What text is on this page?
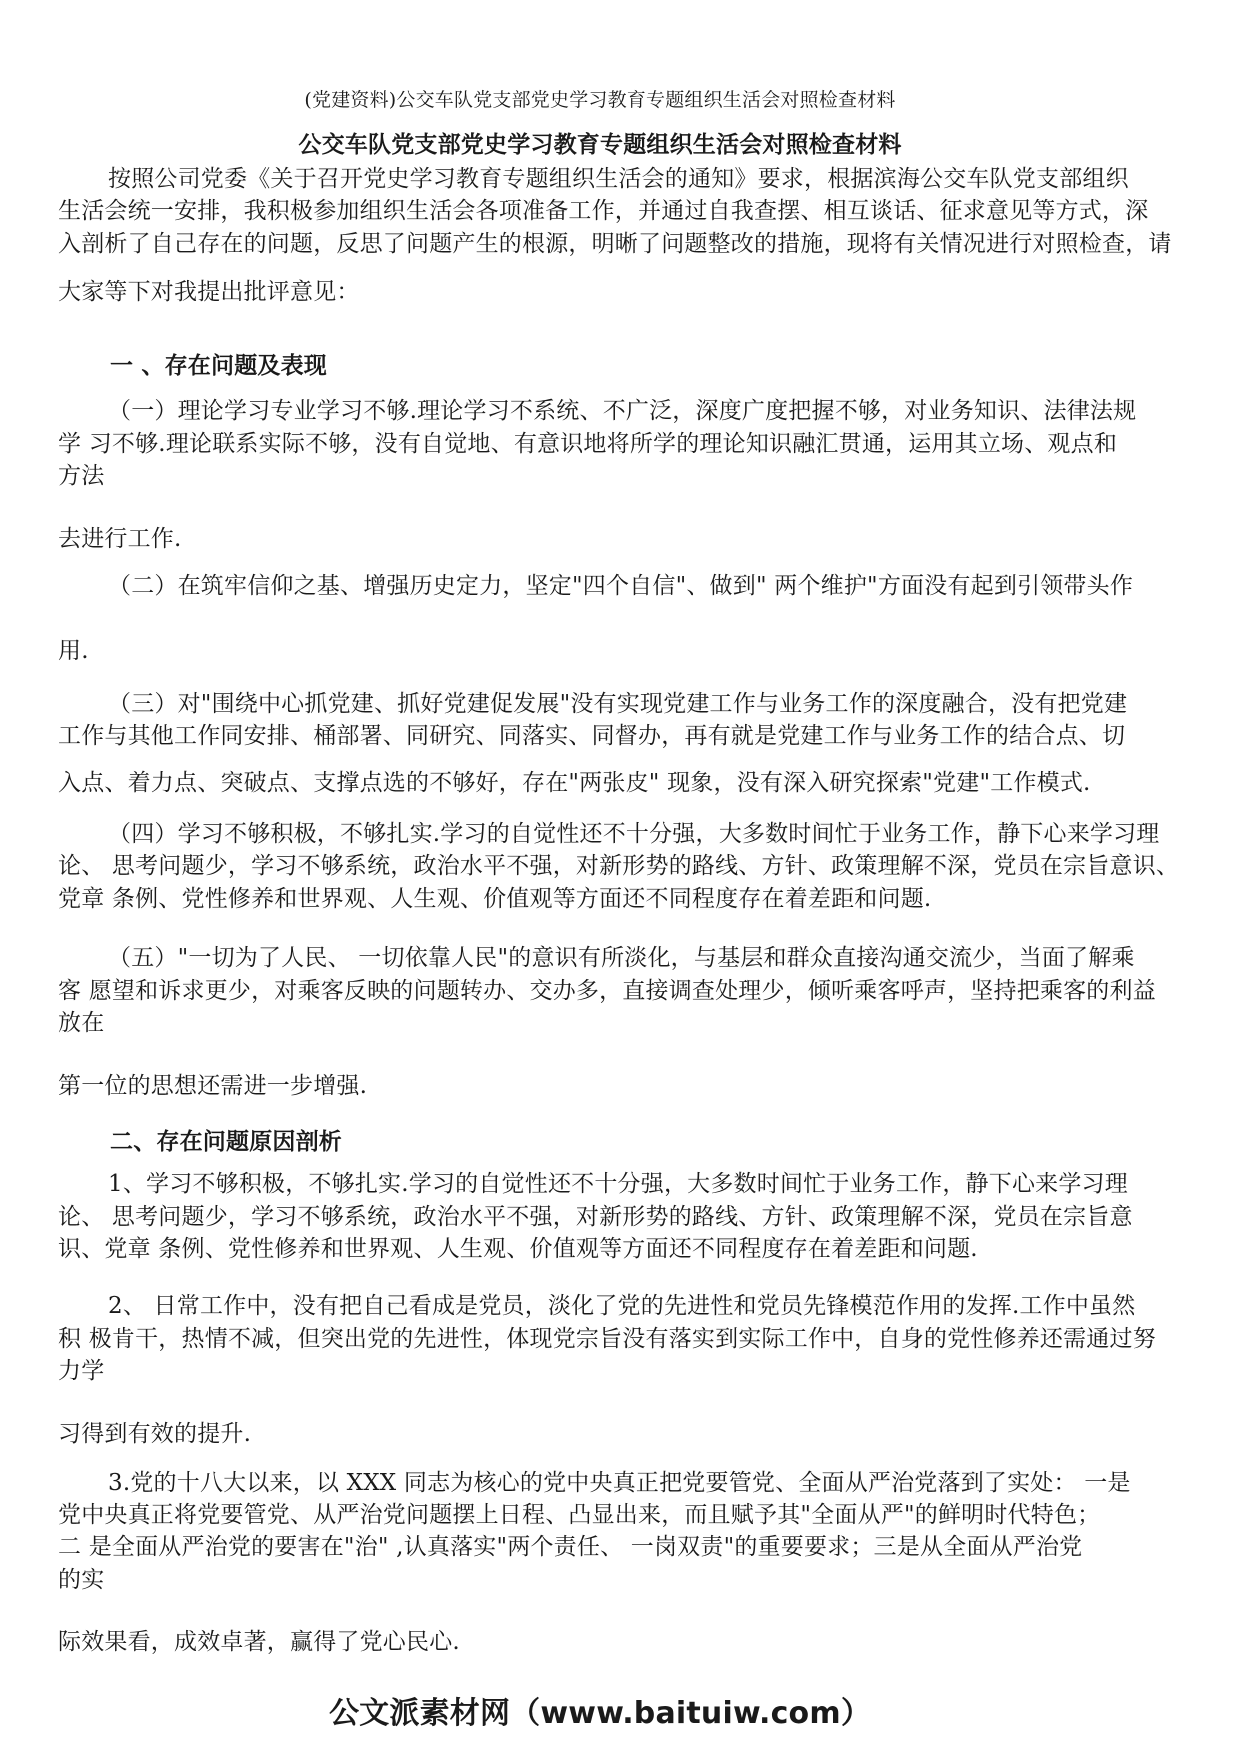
(党建资料)公交车队党支部党史学习教育专题组织生活会对照检查材料

公交车队党支部党史学习教育专题组织生活会对照检查材料

按照公司党委《关于召开党史学习教育专题组织生活会的通知》要求，根据滨海公交车队党支部组织

生活会统一安排，我积极参加组织生活会各项准备工作，并通过自我查摆、相互谈话、征求意见等方式，深

入剖析了自己存在的问题，反思了问题产生的根源，明晰了问题整改的措施，现将有关情况进行对照检查，请

大家等下对我提出批评意见：

一 、存在问题及表现

（一）理论学习专业学习不够.理论学习不系统、不广泛，深度广度把握不够，对业务知识、法律法规

学 习不够.理论联系实际不够，没有自觉地、有意识地将所学的理论知识融汇贯通，运用其立场、观点和

方法

去进行工作.

（二）在筑牢信仰之基、增强历史定力，坚定"四个自信"、做到" 两个维护"方面没有起到引领带头作

用.

（三）对"围绕中心抓党建、抓好党建促发展"没有实现党建工作与业务工作的深度融合，没有把党建

工作与其他工作同安排、桶部署、同研究、同落实、同督办，再有就是党建工作与业务工作的结合点、切

入点、着力点、突破点、支撑点选的不够好，存在"两张皮" 现象，没有深入研究探索"党建"工作模式.

（四）学习不够积极，不够扎实.学习的自觉性还不十分强，大多数时间忙于业务工作，静下心来学习理

论、 思考问题少，学习不够系统，政治水平不强，对新形势的路线、方针、政策理解不深，党员在宗旨意识、

党章 条例、党性修养和世界观、人生观、价值观等方面还不同程度存在着差距和问题.

（五）"一切为了人民、 一切依靠人民"的意识有所淡化，与基层和群众直接沟通交流少，当面了解乘

客 愿望和诉求更少，对乘客反映的问题转办、交办多，直接调查处理少，倾听乘客呼声，坚持把乘客的利益

放在

第一位的思想还需进一步增强.

二、存在问题原因剖析

1、学习不够积极，不够扎实.学习的自觉性还不十分强，大多数时间忙于业务工作，静下心来学习理

论、 思考问题少，学习不够系统，政治水平不强，对新形势的路线、方针、政策理解不深，党员在宗旨意

识、党章 条例、党性修养和世界观、人生观、价值观等方面还不同程度存在着差距和问题.

2、 日常工作中，没有把自己看成是党员，淡化了党的先进性和党员先锋模范作用的发挥.工作中虽然

积 极肯干，热情不减，但突出党的先进性，体现党宗旨没有落实到实际工作中，自身的党性修养还需通过努

力学

习得到有效的提升.

3.党的十八大以来，以 XXX 同志为核心的党中央真正把党要管党、全面从严治党落到了实处： 一是

党中央真正将党要管党、从严治党问题摆上日程、凸显出来，而且赋予其"全面从严"的鲜明时代特色；

二 是全面从严治党的要害在"治" ,认真落实"两个责任、 一岗双责"的重要要求；三是从全面从严治党

的实

际效果看，成效卓著，赢得了党心民心.

公文派素材网（www.baituiw.com）
